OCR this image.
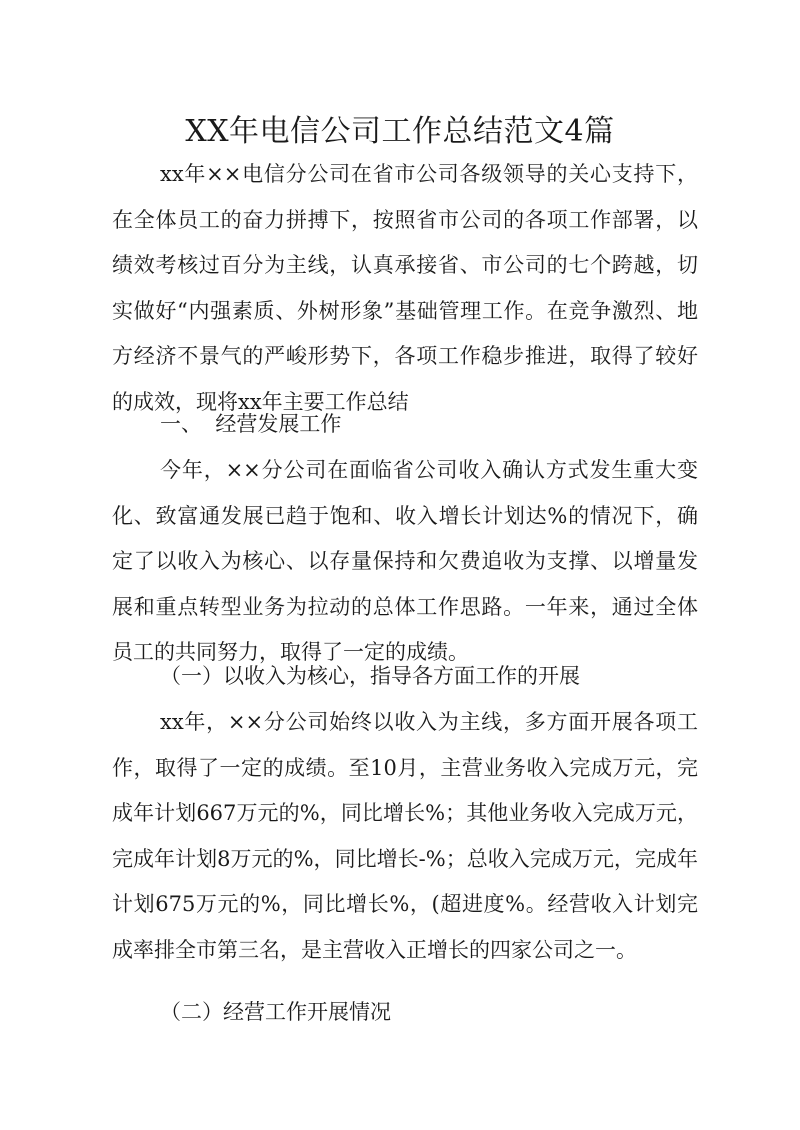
XX年电信公司工作总结范文4篇

xx年××电信分公司在省市公司各级领导的关心支持下，在全体员工的奋力拼搏下，按照省市公司的各项工作部署，以绩效考核过百分为主线，认真承接省、市公司的七个跨越，切实做好“内强素质、外树形象”基础管理工作。在竞争激烈、地方经济不景气的严峻形势下，各项工作稳步推进，取得了较好的成效，现将xx年主要工作总结

一、  经营发展工作

今年，××分公司在面临省公司收入确认方式发生重大变化、致富通发展已趋于饱和、收入增长计划达%的情况下，确定了以收入为核心、以存量保持和欠费追收为支撑、以增量发展和重点转型业务为拉动的总体工作思路。一年来，通过全体员工的共同努力，取得了一定的成绩。

（一）以收入为核心，指导各方面工作的开展

xx年，××分公司始终以收入为主线，多方面开展各项工作，取得了一定的成绩。至10月，主营业务收入完成万元，完成年计划667万元的%，同比增长%；其他业务收入完成万元，完成年计划8万元的%，同比增长-%；总收入完成万元，完成年计划675万元的%，同比增长%，(超进度%。经营收入计划完成率排全市第三名，是主营收入正增长的四家公司之一。

（二）经营工作开展情况
